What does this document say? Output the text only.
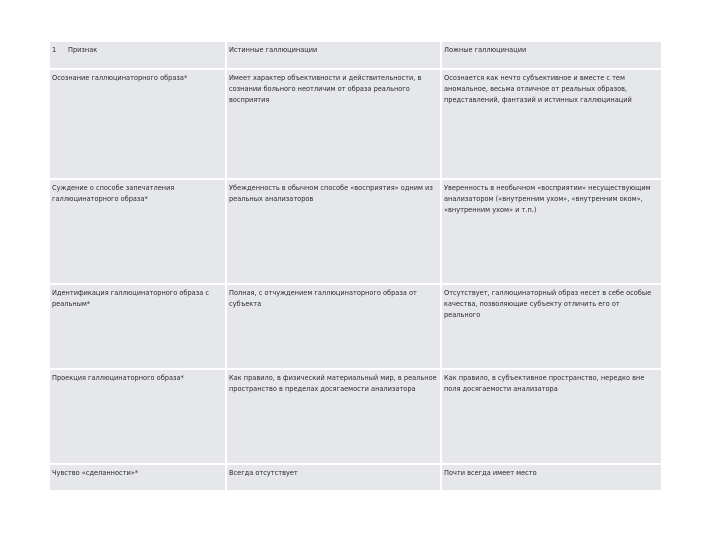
1 Признак	Истинные галлюцинации	Ложные галлюцинации
Осознание галлюцинаторного образа*	Имеет характер объективности и действительности, в сознании больного неотличим от образа реального восприятия	Осознается как нечто субъективное и вместе с тем аномальное, весьма отличное от реальных образов, представлений, фантазий и истинных галлюцинаций
Суждение о способе запечатления галлюцинаторного образа*	Убежденность в обычном способе «восприятия» одним из реальных анализаторов	Уверенность в необычном «восприятии» несуществующим анализатором («внутренним ухом», «внутренним оком», «внутренним ухом» и т.п.)
Идентификация галлюцинаторного образа с реальным*	Полная, с отчуждением галлюцинаторного образа от субъекта	Отсутствует, галлюцинаторный образ несет в себе особые качества, позволяющие субъекту отличить его от реального
Проекция галлюцинаторного образа*	Как правило, в физический материальный мир, в реальное пространство в пределах досягаемости анализатора	Как правило, в субъективное пространство, нередко вне поля досягаемости анализатора
Чувство «сделанности»*	Всегда отсутствует	Почти всегда имеет место
